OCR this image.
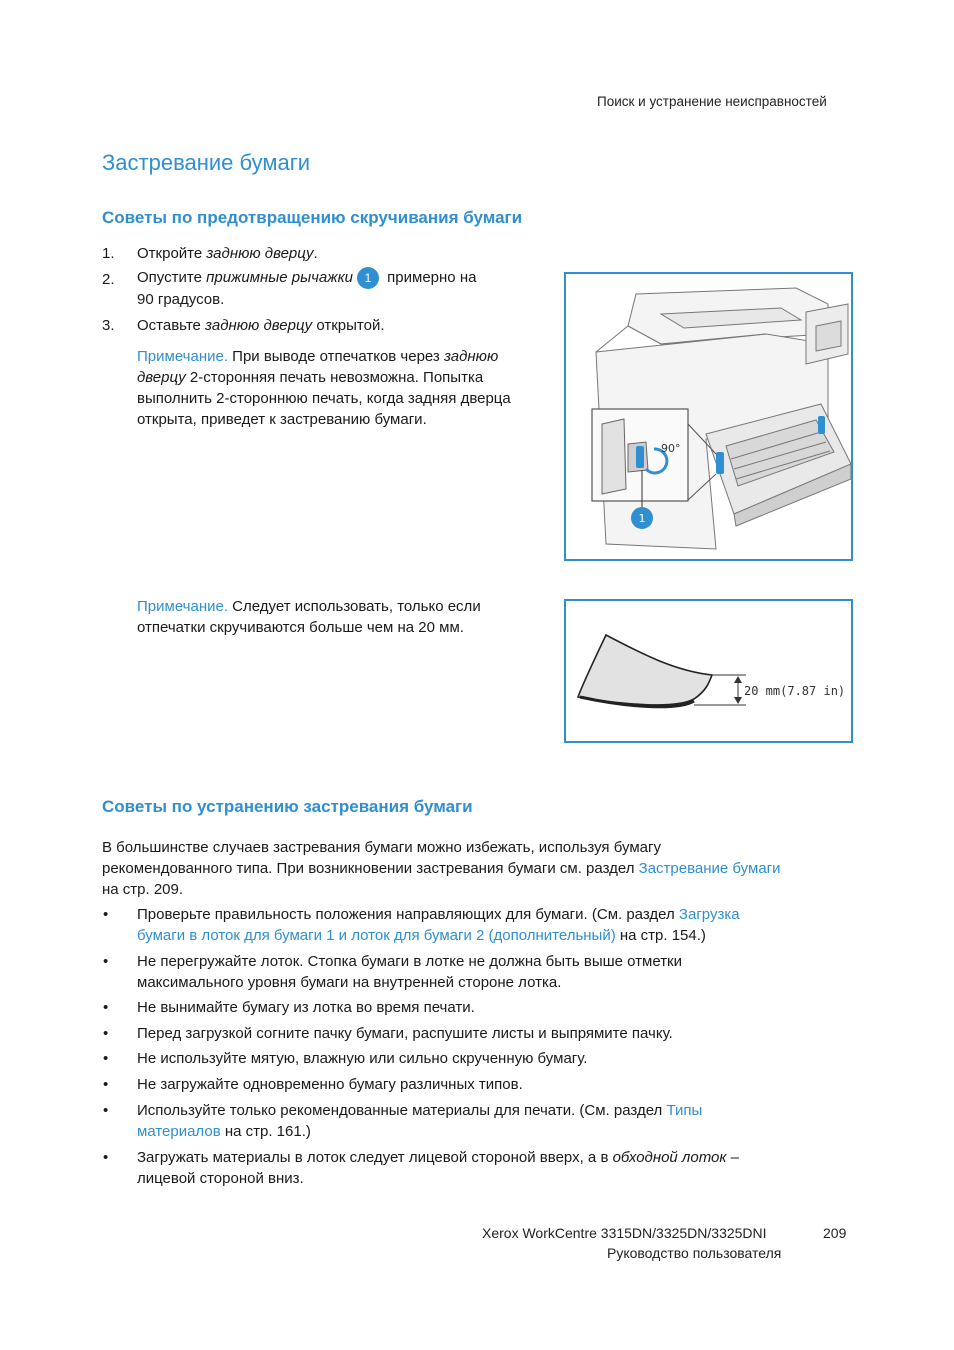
Поиск и устранение неисправностей
Застревание бумаги
Советы по предотвращению скручивания бумаги
1. Откройте заднюю дверцу.
2. Опустите прижимные рычажки 1 примерно на
90 градусов.
3. Оставьте заднюю дверцу открытой.
Примечание. При выводе отпечатков через заднюю
дверцу 2-сторонняя печать невозможна. Попытка
выполнить 2-стороннюю печать, когда задняя дверца
открыта, приведет к застреванию бумаги.
90°
1
Примечание. Следует использовать, только если
отпечатки скручиваются больше чем на 20 мм.
20 mm(7.87 in)
Советы по устранению застревания бумаги
В большинстве случаев застревания бумаги можно избежать, используя бумагу
рекомендованного типа. При возникновении застревания бумаги см. раздел Застревание бумаги
на стр. 209.
• Проверьте правильность положения направляющих для бумаги. (См. раздел Загрузка
бумаги в лоток для бумаги 1 и лоток для бумаги 2 (дополнительный) на стр. 154.)
• Не перегружайте лоток. Стопка бумаги в лотке не должна быть выше отметки
максимального уровня бумаги на внутренней стороне лотка.
• Не вынимайте бумагу из лотка во время печати.
• Перед загрузкой согните пачку бумаги, распушите листы и выпрямите пачку.
• Не используйте мятую, влажную или сильно скрученную бумагу.
• Не загружайте одновременно бумагу различных типов.
• Используйте только рекомендованные материалы для печати. (См. раздел Типы
материалов на стр. 161.)
• Загружать материалы в лоток следует лицевой стороной вверх, а в обходной лоток –
лицевой стороной вниз.
Xerox WorkCentre 3315DN/3325DN/3325DNI	209
Руководство пользователя
